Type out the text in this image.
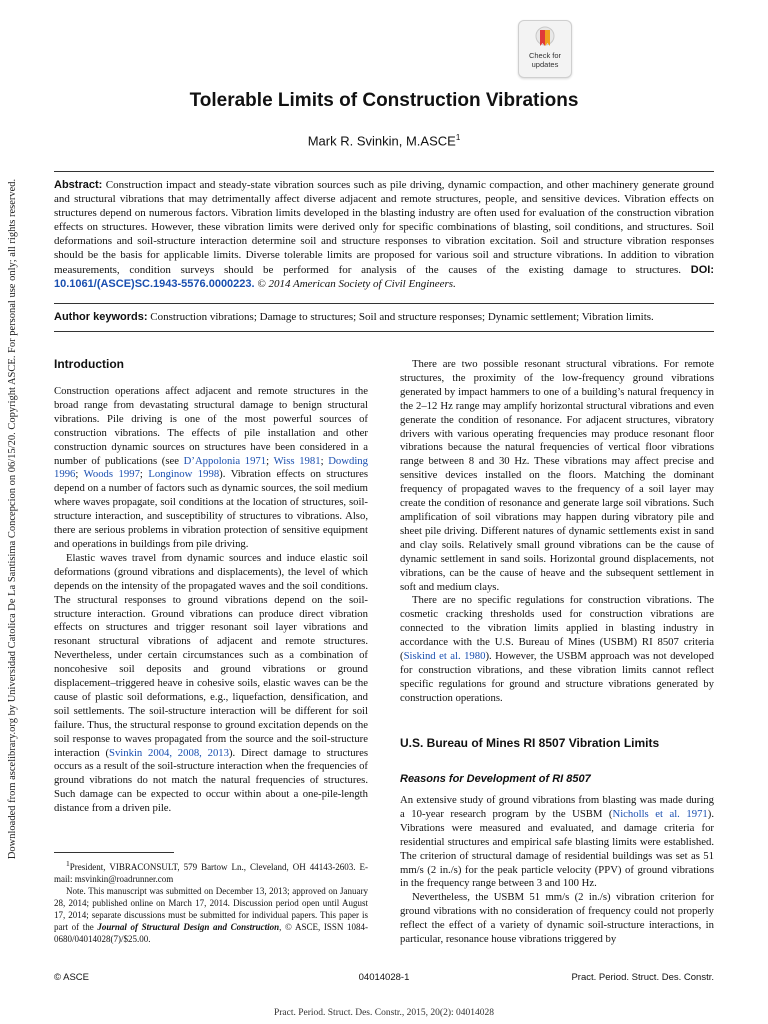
Downloaded from ascelibrary.org by Universidad Catolica De La Santisima Concepcion on 06/15/20. Copyright ASCE. For personal use only; all rights reserved.
Check for
updates
Tolerable Limits of Construction Vibrations
Mark R. Svinkin, M.ASCE$^1$
Abstract: Construction impact and steady-state vibration sources such as pile driving, dynamic compaction, and other machinery generate ground and structural vibrations that may detrimentally affect diverse adjacent and remote structures, people, and sensitive devices. Vibration effects on structures depend on numerous factors. Vibration limits developed in the blasting industry are often used for evaluation of the construction vibration effects on structures. However, these vibration limits were derived only for specific combinations of blasting, soil conditions, and structures. Soil deformations and soil-structure interaction determine soil and structure responses to vibration excitation. Soil and structure vibration responses should be the basis for applicable limits. Diverse tolerable limits are proposed for various soil and structure vibrations. In addition to vibration measurements, condition surveys should be performed for analysis of the causes of the existing damage to structures. DOI: 10.1061/(ASCE)SC.1943-5576.0000223. © 2014 American Society of Civil Engineers.
Author keywords: Construction vibrations; Damage to structures; Soil and structure responses; Dynamic settlement; Vibration limits.
Introduction

Construction operations affect adjacent and remote structures in the broad range from devastating structural damage to benign structural vibrations. Pile driving is one of the most powerful sources of construction vibrations. The effects of pile installation and other construction dynamic sources on structures have been considered in a number of publications (see D’Appolonia 1971; Wiss 1981; Dowding 1996; Woods 1997; Longinow 1998). Vibration effects on structures depend on a number of factors such as dynamic sources, the soil medium where waves propagate, soil conditions at the location of structures, soil-structure interaction, and susceptibility of structures to vibrations. Also, there are serious problems in vibration protection of sensitive equipment and operations in buildings from pile driving.

Elastic waves travel from dynamic sources and induce elastic soil deformations (ground vibrations and displacements), the level of which depends on the intensity of the propagated waves and the soil conditions. The structural responses to ground vibrations depend on the soil-structure interaction. Ground vibrations can produce direct vibration effects on structures and trigger resonant soil layer vibrations and resonant structural vibrations of adjacent and remote structures. Nevertheless, under certain circumstances such as a combination of noncohesive soil deposits and ground vibrations or ground displacement–triggered heave in cohesive soils, elastic waves can be the cause of plastic soil deformations, e.g., liquefaction, densification, and soil settlements. The soil-structure interaction will be different for soil failure. Thus, the structural response to ground excitation depends on the soil response to waves propagated from the source and the soil-structure interaction (Svinkin 2004, 2008, 2013). Direct damage to structures occurs as a result of the soil-structure interaction when the frequencies of ground vibrations do not match the natural frequencies of structures. Such damage can be expected to occur within about a one-pile-length distance from a driven pile.

$^1$President, VIBRACONSULT, 579 Bartow Ln., Cleveland, OH 44143-2603. E-mail: msvinkin@roadrunner.com

Note. This manuscript was submitted on December 13, 2013; approved on January 28, 2014; published online on March 17, 2014. Discussion period open until August 17, 2014; separate discussions must be submitted for individual papers. This paper is part of the Journal of Structural Design and Construction, © ASCE, ISSN 1084-0680/04014028(7)/$25.00.

There are two possible resonant structural vibrations. For remote structures, the proximity of the low-frequency ground vibrations generated by impact hammers to one of a building’s natural frequency in the 2–12 Hz range may amplify horizontal structural vibrations and even generate the condition of resonance. For adjacent structures, vibratory drivers with various operating frequencies may produce resonant floor vibrations because the natural frequencies of vertical floor vibrations range between 8 and 30 Hz. These vibrations may affect precise and sensitive devices installed on the floors. Matching the dominant frequency of propagated waves to the frequency of a soil layer may create the condition of resonance and generate large soil vibrations. Such amplification of soil vibrations may happen during vibratory pile and sheet pile driving. Different natures of dynamic settlements exist in sand and clay soils. Relatively small ground vibrations can be the cause of dynamic settlement in sand soils. Horizontal ground displacements, not vibrations, can be the cause of heave and the subsequent settlement in soft and medium clays.

There are no specific regulations for construction vibrations. The cosmetic cracking thresholds used for construction vibrations are connected to the vibration limits applied in blasting industry in accordance with the U.S. Bureau of Mines (USBM) RI 8507 criteria (Siskind et al. 1980). However, the USBM approach was not developed for construction vibrations, and these vibration limits cannot reflect specific regulations for ground and structure vibrations generated by construction operations.

U.S. Bureau of Mines RI 8507 Vibration Limits
Reasons for Development of RI 8507

An extensive study of ground vibrations from blasting was made during a 10-year research program by the USBM (Nicholls et al. 1971). Vibrations were measured and evaluated, and damage criteria for residential structures and empirical safe blasting limits were established. The criterion of structural damage of residential buildings was set as 51 mm/s (2 in./s) for the peak particle velocity (PPV) of ground vibrations in the frequency range between 3 and 100 Hz.

Nevertheless, the USBM 51 mm/s (2 in./s) vibration criterion for ground vibrations with no consideration of frequency could not properly reflect the effect of a variety of dynamic soil-structure interactions, in particular, resonance house vibrations triggered by

© ASCE	04014028-1	Pract. Period. Struct. Des. Constr.
Pract. Period. Struct. Des. Constr., 2015, 20(2): 04014028
